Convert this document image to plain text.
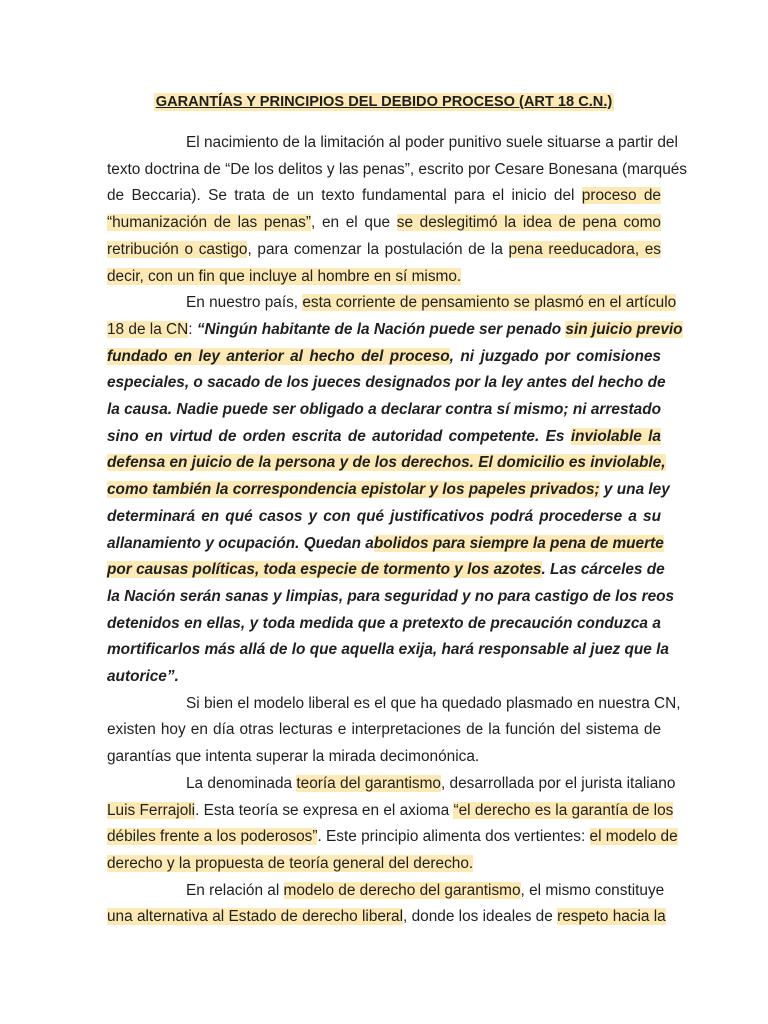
GARANTÍAS Y PRINCIPIOS DEL DEBIDO PROCESO (ART 18 C.N.)
El nacimiento de la limitación al poder punitivo suele situarse a partir del
texto doctrina de “De los delitos y las penas”, escrito por Cesare Bonesana (marqués
de Beccaria). Se trata de un texto fundamental para el inicio del proceso de
“humanización de las penas”, en el que se deslegitimó la idea de pena como
retribución o castigo, para comenzar la postulación de la pena reeducadora, es
decir, con un fin que incluye al hombre en sí mismo.
En nuestro país, esta corriente de pensamiento se plasmó en el artículo
18 de la CN: “Ningún habitante de la Nación puede ser penado sin juicio previo
fundado en ley anterior al hecho del proceso, ni juzgado por comisiones
especiales, o sacado de los jueces designados por la ley antes del hecho de
la causa. Nadie puede ser obligado a declarar contra sí mismo; ni arrestado
sino en virtud de orden escrita de autoridad competente. Es inviolable la
defensa en juicio de la persona y de los derechos. El domicilio es inviolable,
como también la correspondencia epistolar y los papeles privados; y una ley
determinará en qué casos y con qué justificativos podrá procederse a su
allanamiento y ocupación. Quedan abolidos para siempre la pena de muerte
por causas políticas, toda especie de tormento y los azotes. Las cárceles de
la Nación serán sanas y limpias, para seguridad y no para castigo de los reos
detenidos en ellas, y toda medida que a pretexto de precaución conduzca a
mortificarlos más allá de lo que aquella exija, hará responsable al juez que la
autorice”.
Si bien el modelo liberal es el que ha quedado plasmado en nuestra CN,
existen hoy en día otras lecturas e interpretaciones de la función del sistema de
garantías que intenta superar la mirada decimonónica.
La denominada teoría del garantismo, desarrollada por el jurista italiano
Luis Ferrajoli. Esta teoría se expresa en el axioma “el derecho es la garantía de los
débiles frente a los poderosos”. Este principio alimenta dos vertientes: el modelo de
derecho y la propuesta de teoría general del derecho.
En relación al modelo de derecho del garantismo, el mismo constituye
una alternativa al Estado de derecho liberal, donde los ideales de respeto hacia la
